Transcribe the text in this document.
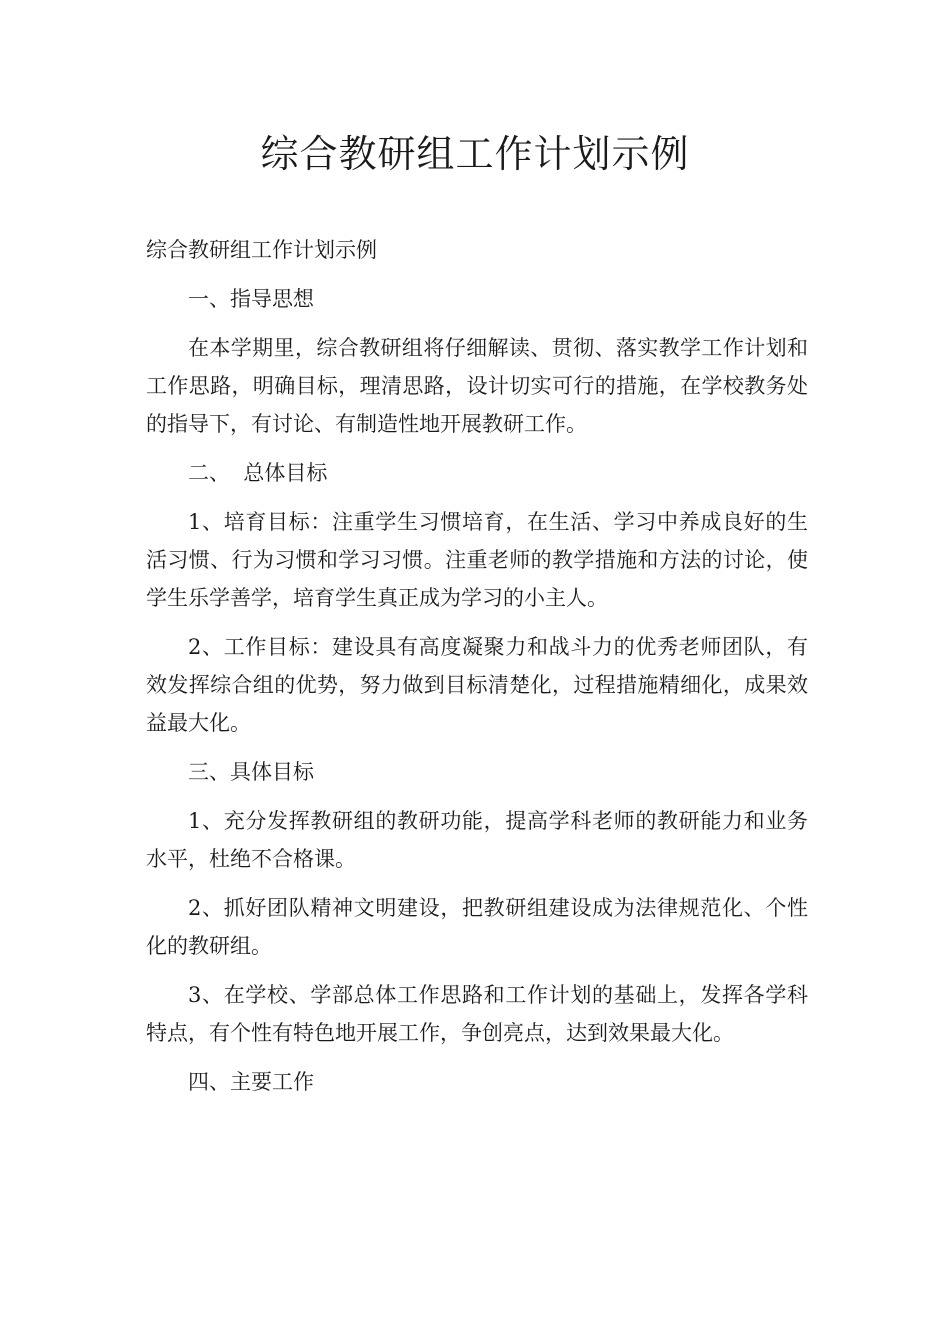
综合教研组工作计划示例

综合教研组工作计划示例

一、指导思想

在本学期里，综合教研组将仔细解读、贯彻、落实教学工作计划和工作思路，明确目标，理清思路，设计切实可行的措施，在学校教务处的指导下，有讨论、有制造性地开展教研工作。

二、  总体目标

1、培育目标：注重学生习惯培育，在生活、学习中养成良好的生活习惯、行为习惯和学习习惯。注重老师的教学措施和方法的讨论，使学生乐学善学，培育学生真正成为学习的小主人。

2、工作目标：建设具有高度凝聚力和战斗力的优秀老师团队，有效发挥综合组的优势，努力做到目标清楚化，过程措施精细化，成果效益最大化。

三、具体目标

1、充分发挥教研组的教研功能，提高学科老师的教研能力和业务水平，杜绝不合格课。

2、抓好团队精神文明建设，把教研组建设成为法律规范化、个性化的教研组。

3、在学校、学部总体工作思路和工作计划的基础上，发挥各学科特点，有个性有特色地开展工作，争创亮点，达到效果最大化。

四、主要工作
